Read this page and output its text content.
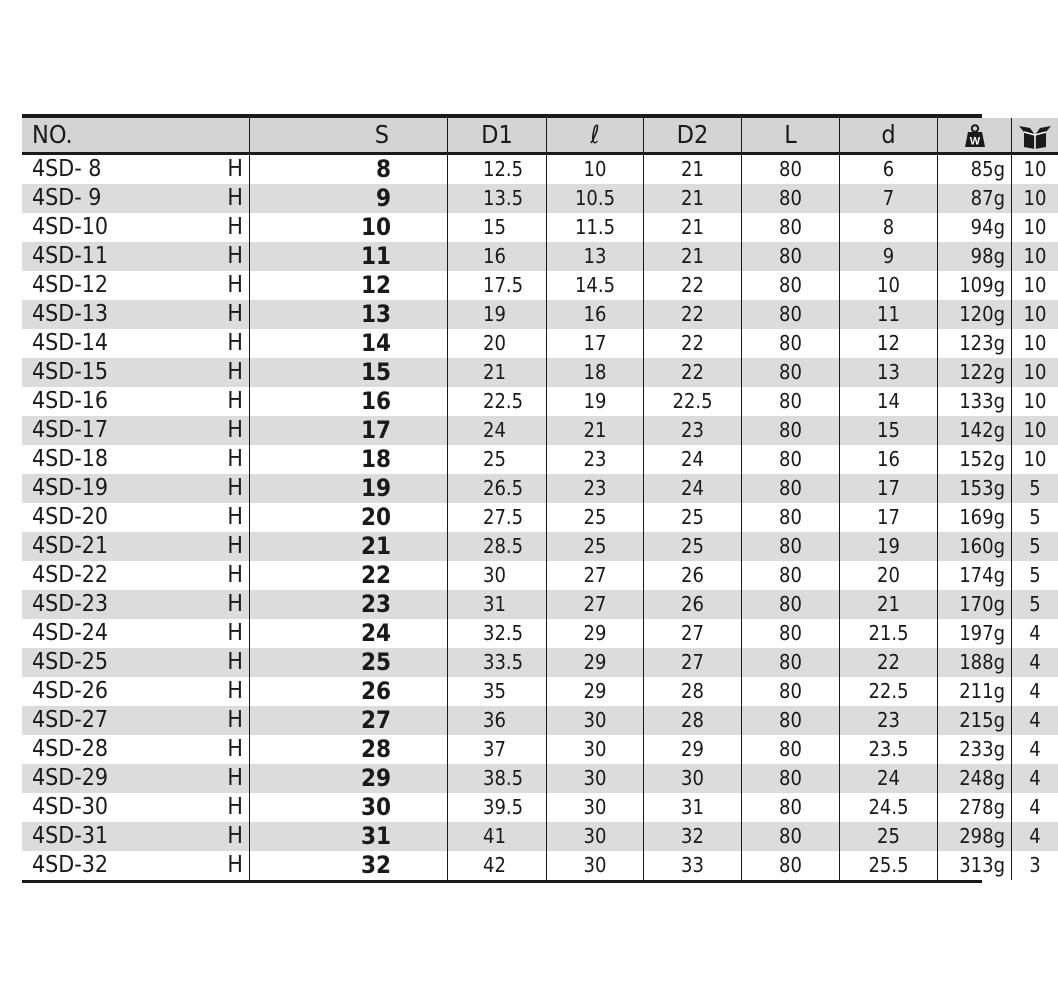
NO.	S	D1	ℓ	D2	L	d	W

4SD- 8 H	8	12.5	10	21	80	6	85g	10
4SD- 9 H	9	13.5	10.5	21	80	7	87g	10
4SD-10 H	10	15	11.5	21	80	8	94g	10
4SD-11 H	11	16	13	21	80	9	98g	10
4SD-12 H	12	17.5	14.5	22	80	10	109g	10
4SD-13 H	13	19	16	22	80	11	120g	10
4SD-14 H	14	20	17	22	80	12	123g	10
4SD-15 H	15	21	18	22	80	13	122g	10
4SD-16 H	16	22.5	19	22.5	80	14	133g	10
4SD-17 H	17	24	21	23	80	15	142g	10
4SD-18 H	18	25	23	24	80	16	152g	10
4SD-19 H	19	26.5	23	24	80	17	153g	5
4SD-20 H	20	27.5	25	25	80	17	169g	5
4SD-21 H	21	28.5	25	25	80	19	160g	5
4SD-22 H	22	30	27	26	80	20	174g	5
4SD-23 H	23	31	27	26	80	21	170g	5
4SD-24 H	24	32.5	29	27	80	21.5	197g	4
4SD-25 H	25	33.5	29	27	80	22	188g	4
4SD-26 H	26	35	29	28	80	22.5	211g	4
4SD-27 H	27	36	30	28	80	23	215g	4
4SD-28 H	28	37	30	29	80	23.5	233g	4
4SD-29 H	29	38.5	30	30	80	24	248g	4
4SD-30 H	30	39.5	30	31	80	24.5	278g	4
4SD-31 H	31	41	30	32	80	25	298g	4
4SD-32 H	32	42	30	33	80	25.5	313g	3
